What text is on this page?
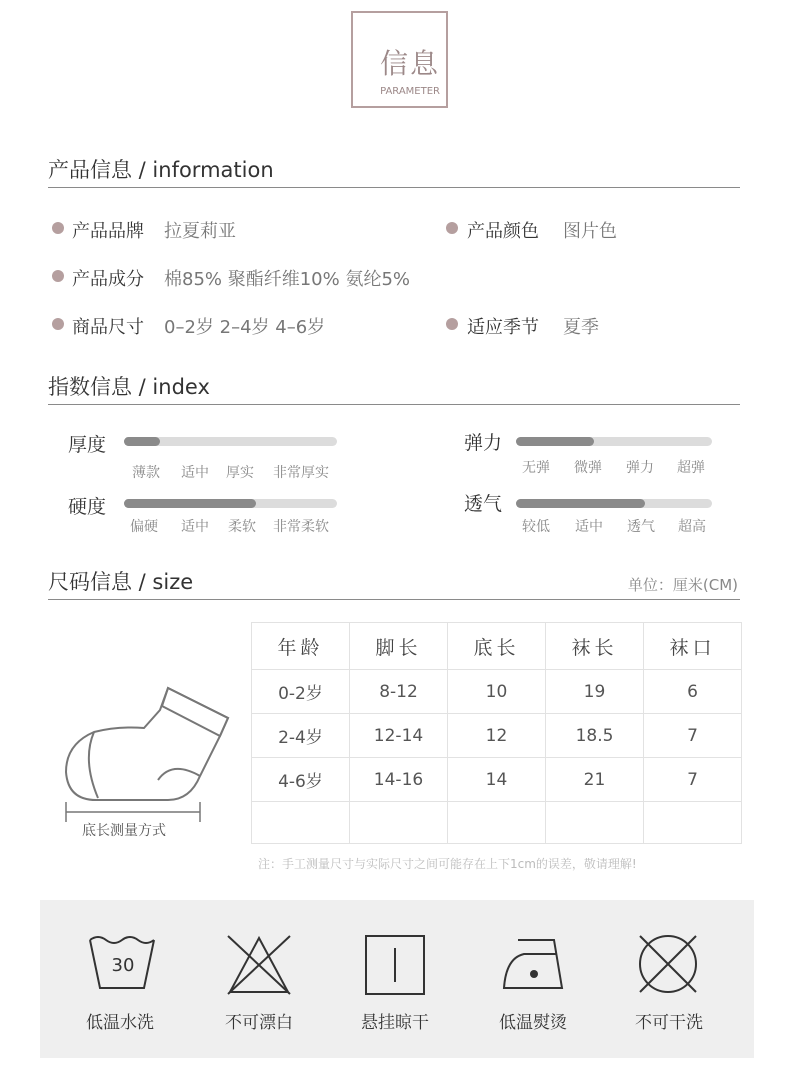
信息
PARAMETER
产品信息 / information
产品品牌 拉夏莉亚	产品颜色 图片色
产品成分 棉85% 聚酯纤维10% 氨纶5%
商品尺寸 0–2岁 2–4岁 4–6岁	适应季节 夏季
指数信息 / index
厚度
薄款 适中 厚实 非常厚实
弹力
无弹 微弹 弹力 超弹
硬度
偏硬 适中 柔软 非常柔软
透气
较低 适中 透气 超高
尺码信息 / size	单位：厘米(CM)
底长测量方式
年龄	脚长	底长	袜长	袜口
0-2岁	8-12	10	19	6
2-4岁	12-14	12	18.5	7
4-6岁	14-16	14	21	7

注：手工测量尺寸与实际尺寸之间可能存在上下1cm的误差，敬请理解!
30
低温水洗	不可漂白	悬挂晾干	低温熨烫	不可干洗
